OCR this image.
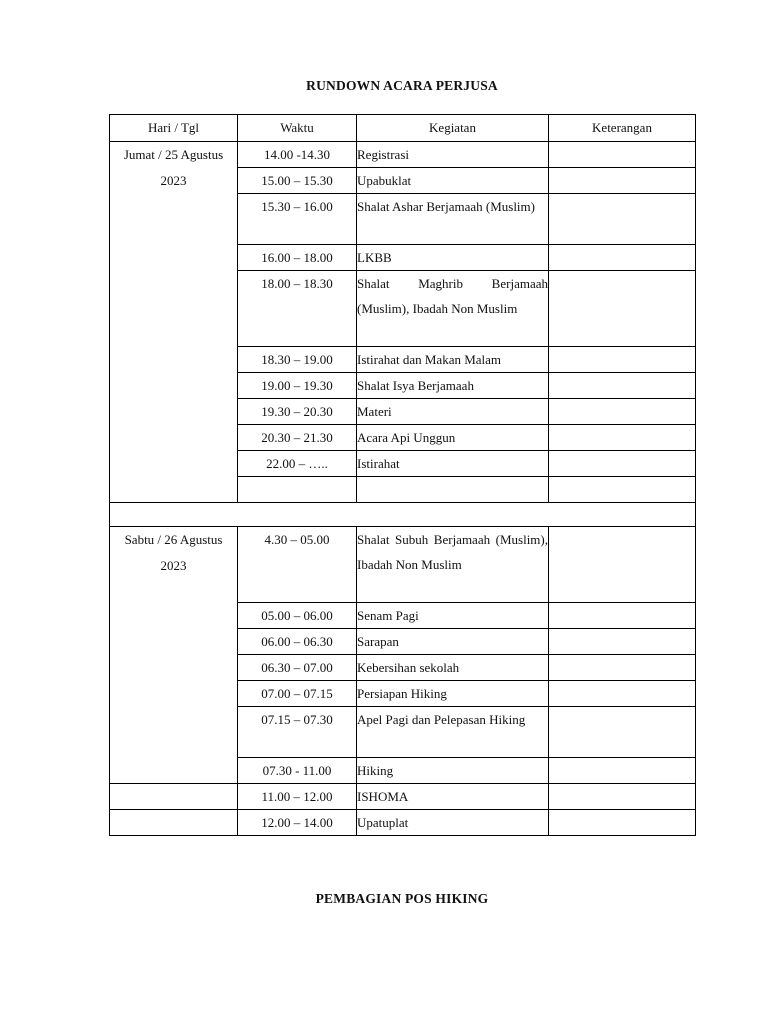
RUNDOWN ACARA PERJUSA
Hari / Tgl	Waktu	Kegiatan	Keterangan
Jumat / 25 Agustus 2023	14.00 -14.30	Registrasi	
	15.00 – 15.30	Upabuklat	
	15.30 – 16.00	Shalat Ashar Berjamaah (Muslim)	
	16.00 – 18.00	LKBB	
	18.00 – 18.30	Shalat Maghrib Berjamaah (Muslim), Ibadah Non Muslim	
	18.30 – 19.00	Istirahat dan Makan Malam	
	19.00 – 19.30	Shalat Isya Berjamaah	
	19.30 – 20.30	Materi	
	20.30 – 21.30	Acara Api Unggun	
	22.00 – …..	Istirahat	

Sabtu / 26 Agustus 2023	4.30 – 05.00	Shalat Subuh Berjamaah (Muslim), Ibadah Non Muslim	
	05.00 – 06.00	Senam Pagi	
	06.00 – 06.30	Sarapan	
	06.30 – 07.00	Kebersihan sekolah	
	07.00 – 07.15	Persiapan Hiking	
	07.15 – 07.30	Apel Pagi dan Pelepasan Hiking	
	07.30 - 11.00	Hiking	
	11.00 – 12.00	ISHOMA	
	12.00 – 14.00	Upatuplat	
PEMBAGIAN POS HIKING
